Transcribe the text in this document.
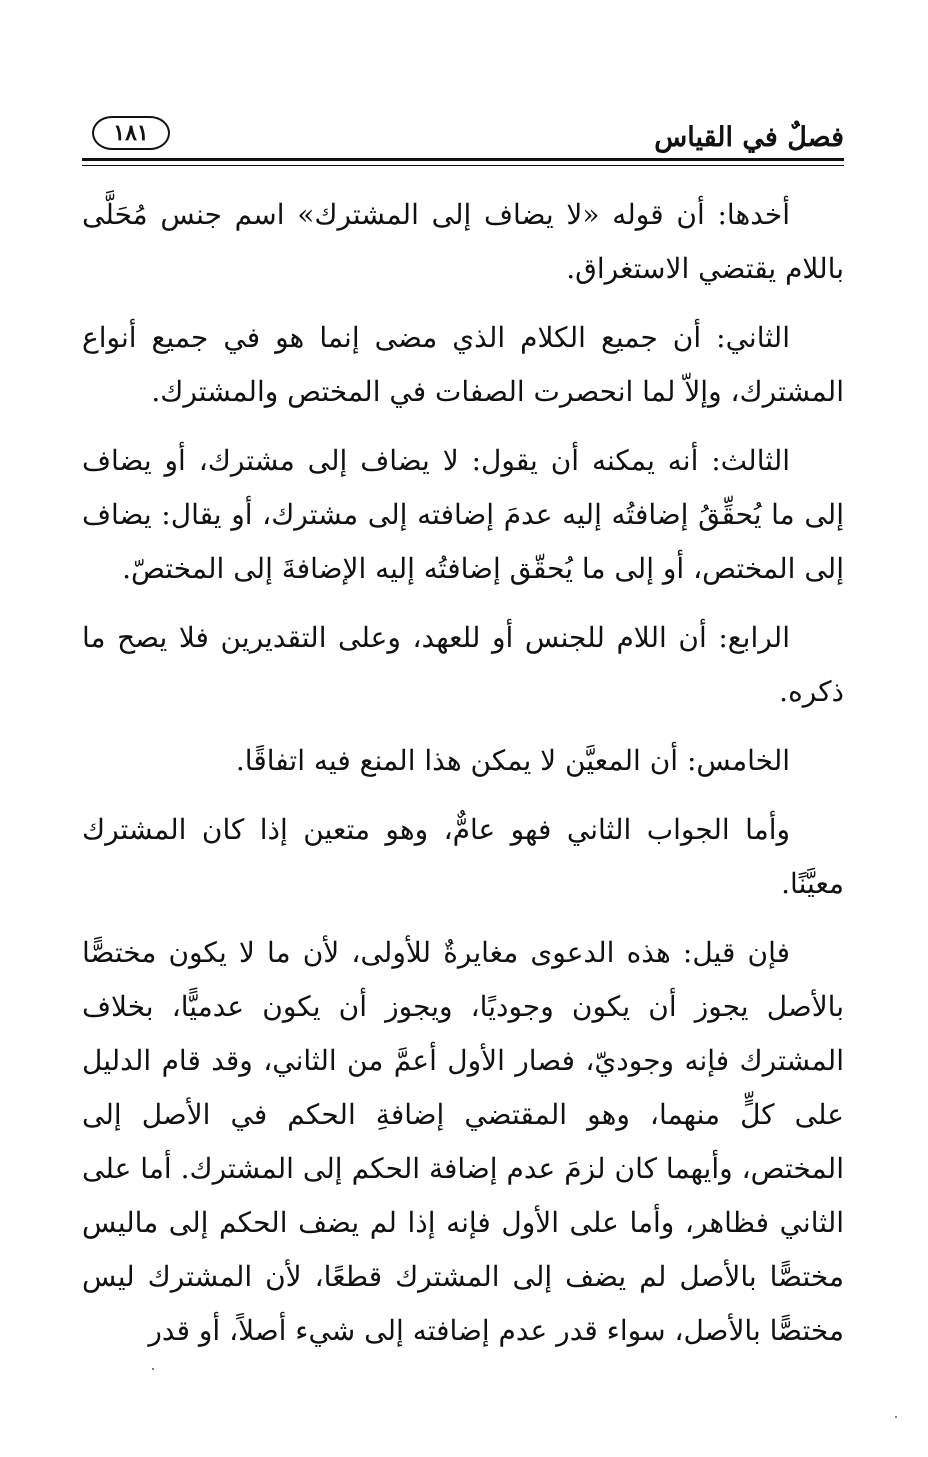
فصلٌ في القياس
١٨١

أخدها: أن قوله «لا يضاف إلى المشترك» اسم جنس مُحَلَّى باللام يقتضي الاستغراق.

الثاني: أن جميع الكلام الذي مضى إنما هو في جميع أنواع المشترك، وإلاّ لما انحصرت الصفات في المختص والمشترك.

الثالث: أنه يمكنه أن يقول: لا يضاف إلى مشترك، أو يضاف إلى ما يُحقِّقُ إضافتُه إليه عدمَ إضافته إلى مشترك، أو يقال: يضاف إلى المختص، أو إلى ما يُحقّق إضافتُه إليه الإضافةَ إلى المختصّ.

الرابع: أن اللام للجنس أو للعهد، وعلى التقديرين فلا يصح ما ذكره.

الخامس: أن المعيَّن لا يمكن هذا المنع فيه اتفاقًا.

وأما الجواب الثاني فهو عامٌّ، وهو متعين إذا كان المشترك معيَّنًا.

فإن قيل: هذه الدعوى مغايرةٌ للأولى، لأن ما لا يكون مختصًّا بالأصل يجوز أن يكون وجوديًا، ويجوز أن يكون عدميًّا، بخلاف المشترك فإنه وجوديّ، فصار الأول أعمَّ من الثاني، وقد قام الدليل على كلٍّ منهما، وهو المقتضي إضافةِ الحكم في الأصل إلى المختص، وأيهما كان لزمَ عدم إضافة الحكم إلى المشترك. أما على الثاني فظاهر، وأما على الأول فإنه إذا لم يضف الحكم إلى ماليس مختصًّا بالأصل لم يضف إلى المشترك قطعًا، لأن المشترك ليس مختصًّا بالأصل، سواء قدر عدم إضافته إلى شيء أصلاً، أو قدر
